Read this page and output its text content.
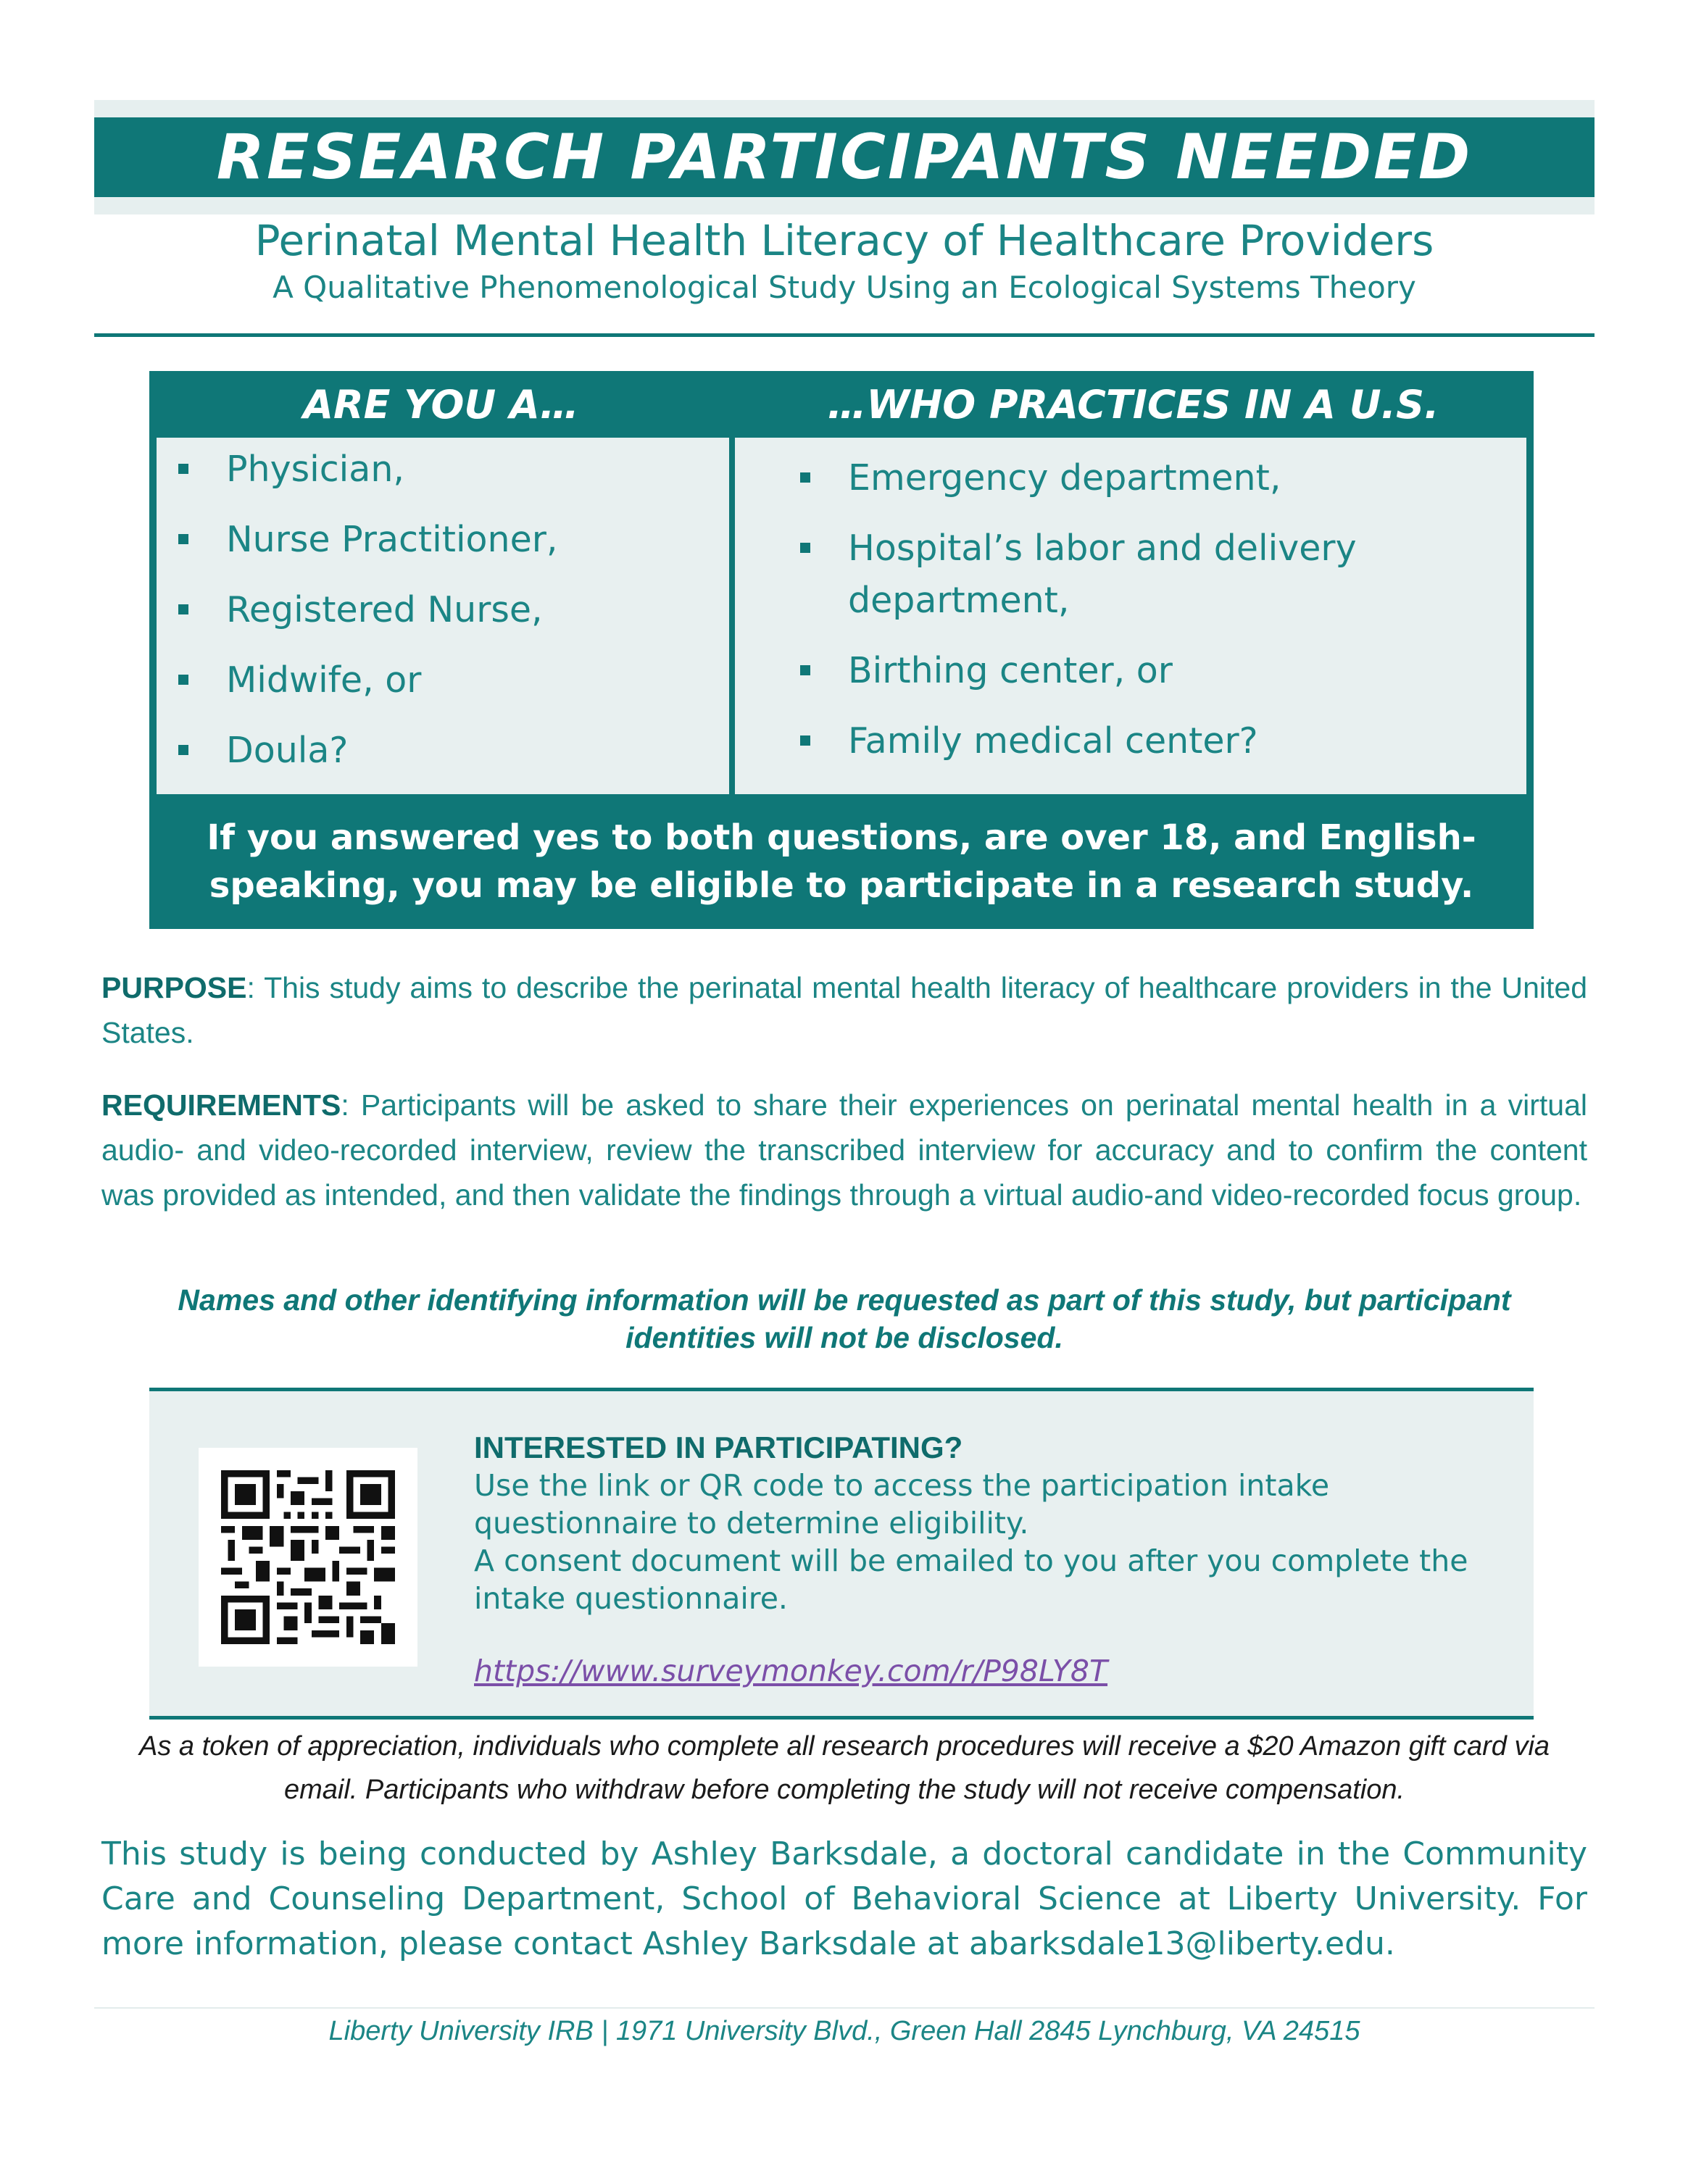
RESEARCH PARTICIPANTS NEEDED
Perinatal Mental Health Literacy of Healthcare Providers
A Qualitative Phenomenological Study Using an Ecological Systems Theory
ARE YOU A…	…WHO PRACTICES IN A U.S.
Physician,
Nurse Practitioner,
Registered Nurse,
Midwife, or
Doula?
Emergency department,
Hospital’s labor and delivery department,
Birthing center, or
Family medical center?
If you answered yes to both questions, are over 18, and English-speaking, you may be eligible to participate in a research study.
PURPOSE: This study aims to describe the perinatal mental health literacy of healthcare providers in the United States.
REQUIREMENTS: Participants will be asked to share their experiences on perinatal mental health in a virtual audio- and video-recorded interview, review the transcribed interview for accuracy and to confirm the content was provided as intended, and then validate the findings through a virtual audio-and video-recorded focus group.
Names and other identifying information will be requested as part of this study, but participant identities will not be disclosed.
INTERESTED IN PARTICIPATING?
Use the link or QR code to access the participation intake questionnaire to determine eligibility.
A consent document will be emailed to you after you complete the intake questionnaire.
https://www.surveymonkey.com/r/P98LY8T
As a token of appreciation, individuals who complete all research procedures will receive a $20 Amazon gift card via email. Participants who withdraw before completing the study will not receive compensation.
This study is being conducted by Ashley Barksdale, a doctoral candidate in the Community Care and Counseling Department, School of Behavioral Science at Liberty University. For more information, please contact Ashley Barksdale at abarksdale13@liberty.edu.
Liberty University IRB | 1971 University Blvd., Green Hall 2845 Lynchburg, VA 24515
